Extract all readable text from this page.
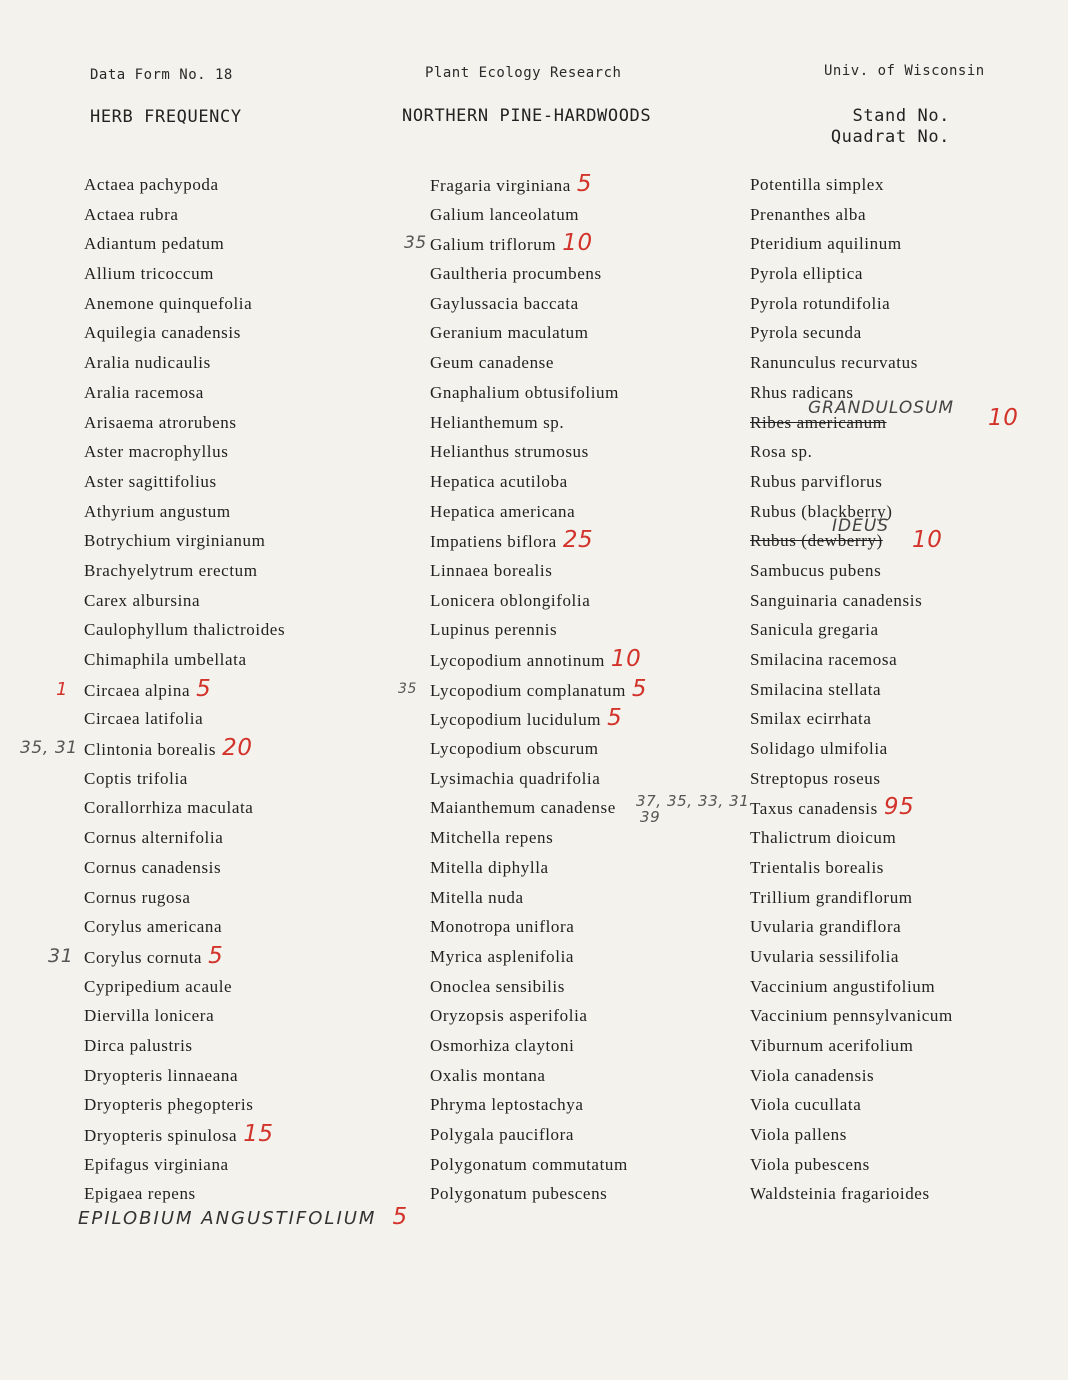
Data Form No. 18	Plant Ecology Research	Univ. of Wisconsin
HERB FREQUENCY	NORTHERN PINE-HARDWOODS	Stand No.
Quadrat No.
Actaea pachypoda
Actaea rubra
Adiantum pedatum
Allium tricoccum
Anemone quinquefolia
Aquilegia canadensis
Aralia nudicaulis
Aralia racemosa
Arisaema atrorubens
Aster macrophyllus
Aster sagittifolius
Athyrium angustum
Botrychium virginianum
Brachyelytrum erectum
Carex albursina
Caulophyllum thalictroides
Chimaphila umbellata
1 Circaea alpina 5
Circaea latifolia
35, 31 Clintonia borealis 20
Coptis trifolia
Corallorrhiza maculata
Cornus alternifolia
Cornus canadensis
Cornus rugosa
Corylus americana
31 Corylus cornuta 5
Cypripedium acaule
Diervilla lonicera
Dirca palustris
Dryopteris linnaeana
Dryopteris phegopteris
Dryopteris spinulosa 15
Epifagus virginiana
Epigaea repens
EPILOBIUM ANGUSTIFOLIUM 5
Fragaria virginiana 5
Galium lanceolatum
35 Galium triflorum 10
Gaultheria procumbens
Gaylussacia baccata
Geranium maculatum
Geum canadense
Gnaphalium obtusifolium
Helianthemum sp.
Helianthus strumosus
Hepatica acutiloba
Hepatica americana
Impatiens biflora 25
Linnaea borealis
Lonicera oblongifolia
Lupinus perennis
Lycopodium annotinum 10
35 Lycopodium complanatum 5
Lycopodium lucidulum 5
Lycopodium obscurum
Lysimachia quadrifolia
Maianthemum canadense 37, 35, 33, 31
39
Mitchella repens
Mitella diphylla
Mitella nuda
Monotropa uniflora
Myrica asplenifolia
Onoclea sensibilis
Oryzopsis asperifolia
Osmorhiza claytoni
Oxalis montana
Phryma leptostachya
Polygala pauciflora
Polygonatum commutatum
Polygonatum pubescens
Potentilla simplex
Prenanthes alba
Pteridium aquilinum
Pyrola elliptica
Pyrola rotundifolia
Pyrola secunda
Ranunculus recurvatus
Rhus radicans
Ribes americanum
GRANDULOSUM 10
Rosa sp.
Rubus parviflorus
Rubus (blackberry)
Rubus (dewberry)
IDEUS
10
Sambucus pubens
Sanguinaria canadensis
Sanicula gregaria
Smilacina racemosa
Smilacina stellata
Smilax ecirrhata
Solidago ulmifolia
Streptopus roseus
Taxus canadensis 95
Thalictrum dioicum
Trientalis borealis
Trillium grandiflorum
Uvularia grandiflora
Uvularia sessilifolia
Vaccinium angustifolium
Vaccinium pennsylvanicum
Viburnum acerifolium
Viola canadensis
Viola cucullata
Viola pallens
Viola pubescens
Waldsteinia fragarioides
